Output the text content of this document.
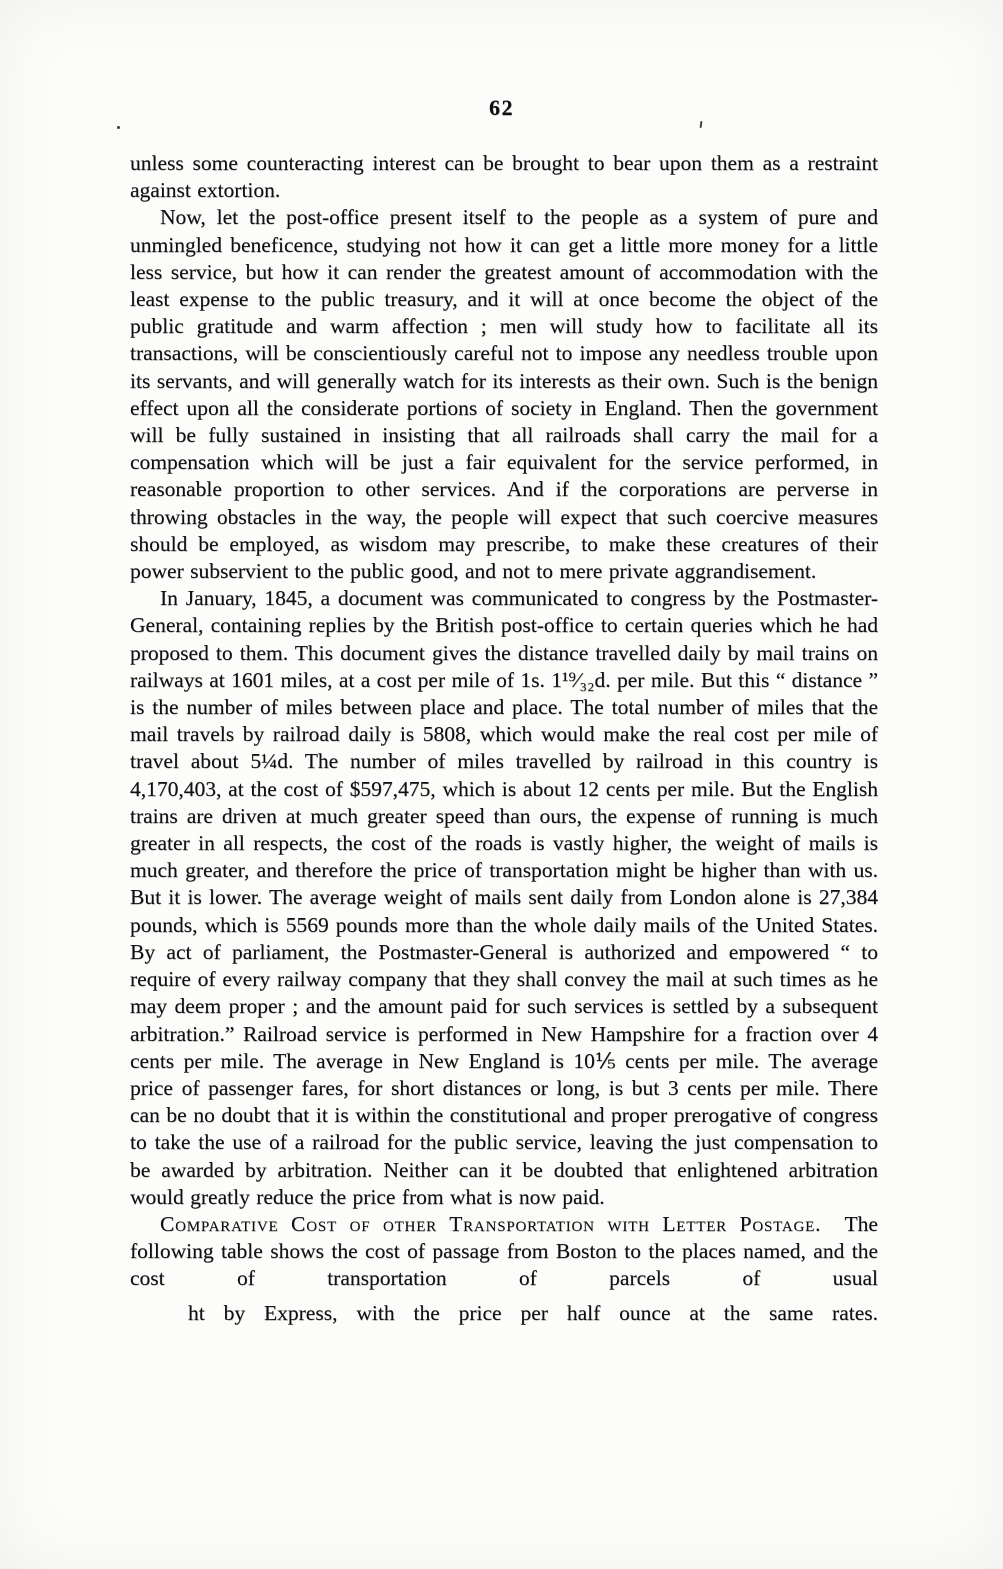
62

unless some counteracting interest can be brought to bear upon them as a restraint against extortion.

Now, let the post-office present itself to the people as a system of pure and unmingled beneficence, studying not how it can get a little more money for a little less service, but how it can render the greatest amount of accommodation with the least expense to the public treasury, and it will at once become the object of the public gratitude and warm affection ; men will study how to facilitate all its transactions, will be conscientiously careful not to impose any needless trouble upon its servants, and will generally watch for its interests as their own. Such is the benign effect upon all the considerate portions of society in England. Then the government will be fully sustained in insisting that all railroads shall carry the mail for a compensation which will be just a fair equivalent for the service performed, in reasonable proportion to other services. And if the corporations are perverse in throwing obstacles in the way, the people will expect that such coercive measures should be employed, as wisdom may prescribe, to make these creatures of their power subservient to the public good, and not to mere private aggrandisement.

In January, 1845, a document was communicated to congress by the Postmaster-General, containing replies by the British post-office to certain queries which he had proposed to them. This document gives the distance travelled daily by mail trains on railways at 1601 miles, at a cost per mile of 1s. 1¹⁹⁄₃₂d. per mile. But this “ distance ” is the number of miles between place and place. The total number of miles that the mail travels by railroad daily is 5808, which would make the real cost per mile of travel about 5¼d. The number of miles travelled by railroad in this country is 4,170,403, at the cost of $597,475, which is about 12 cents per mile. But the English trains are driven at much greater speed than ours, the expense of running is much greater in all respects, the cost of the roads is vastly higher, the weight of mails is much greater, and therefore the price of transportation might be higher than with us. But it is lower. The average weight of mails sent daily from London alone is 27,384 pounds, which is 5569 pounds more than the whole daily mails of the United States. By act of parliament, the Postmaster-General is authorized and empowered “ to require of every railway company that they shall convey the mail at such times as he may deem proper ; and the amount paid for such services is settled by a subsequent arbitration.” Railroad service is performed in New Hampshire for a fraction over 4 cents per mile. The average in New England is 10⅕ cents per mile. The average price of passenger fares, for short distances or long, is but 3 cents per mile. There can be no doubt that it is within the constitutional and proper prerogative of congress to take the use of a railroad for the public service, leaving the just compensation to be awarded by arbitration. Neither can it be doubted that enlightened arbitration would greatly reduce the price from what is now paid.

Comparative Cost of other Transportation with Letter Postage. The following table shows the cost of passage from Boston to the places named, and the cost of transportation of parcels of usual

ht by Express, with the price per half ounce at the same rates.
